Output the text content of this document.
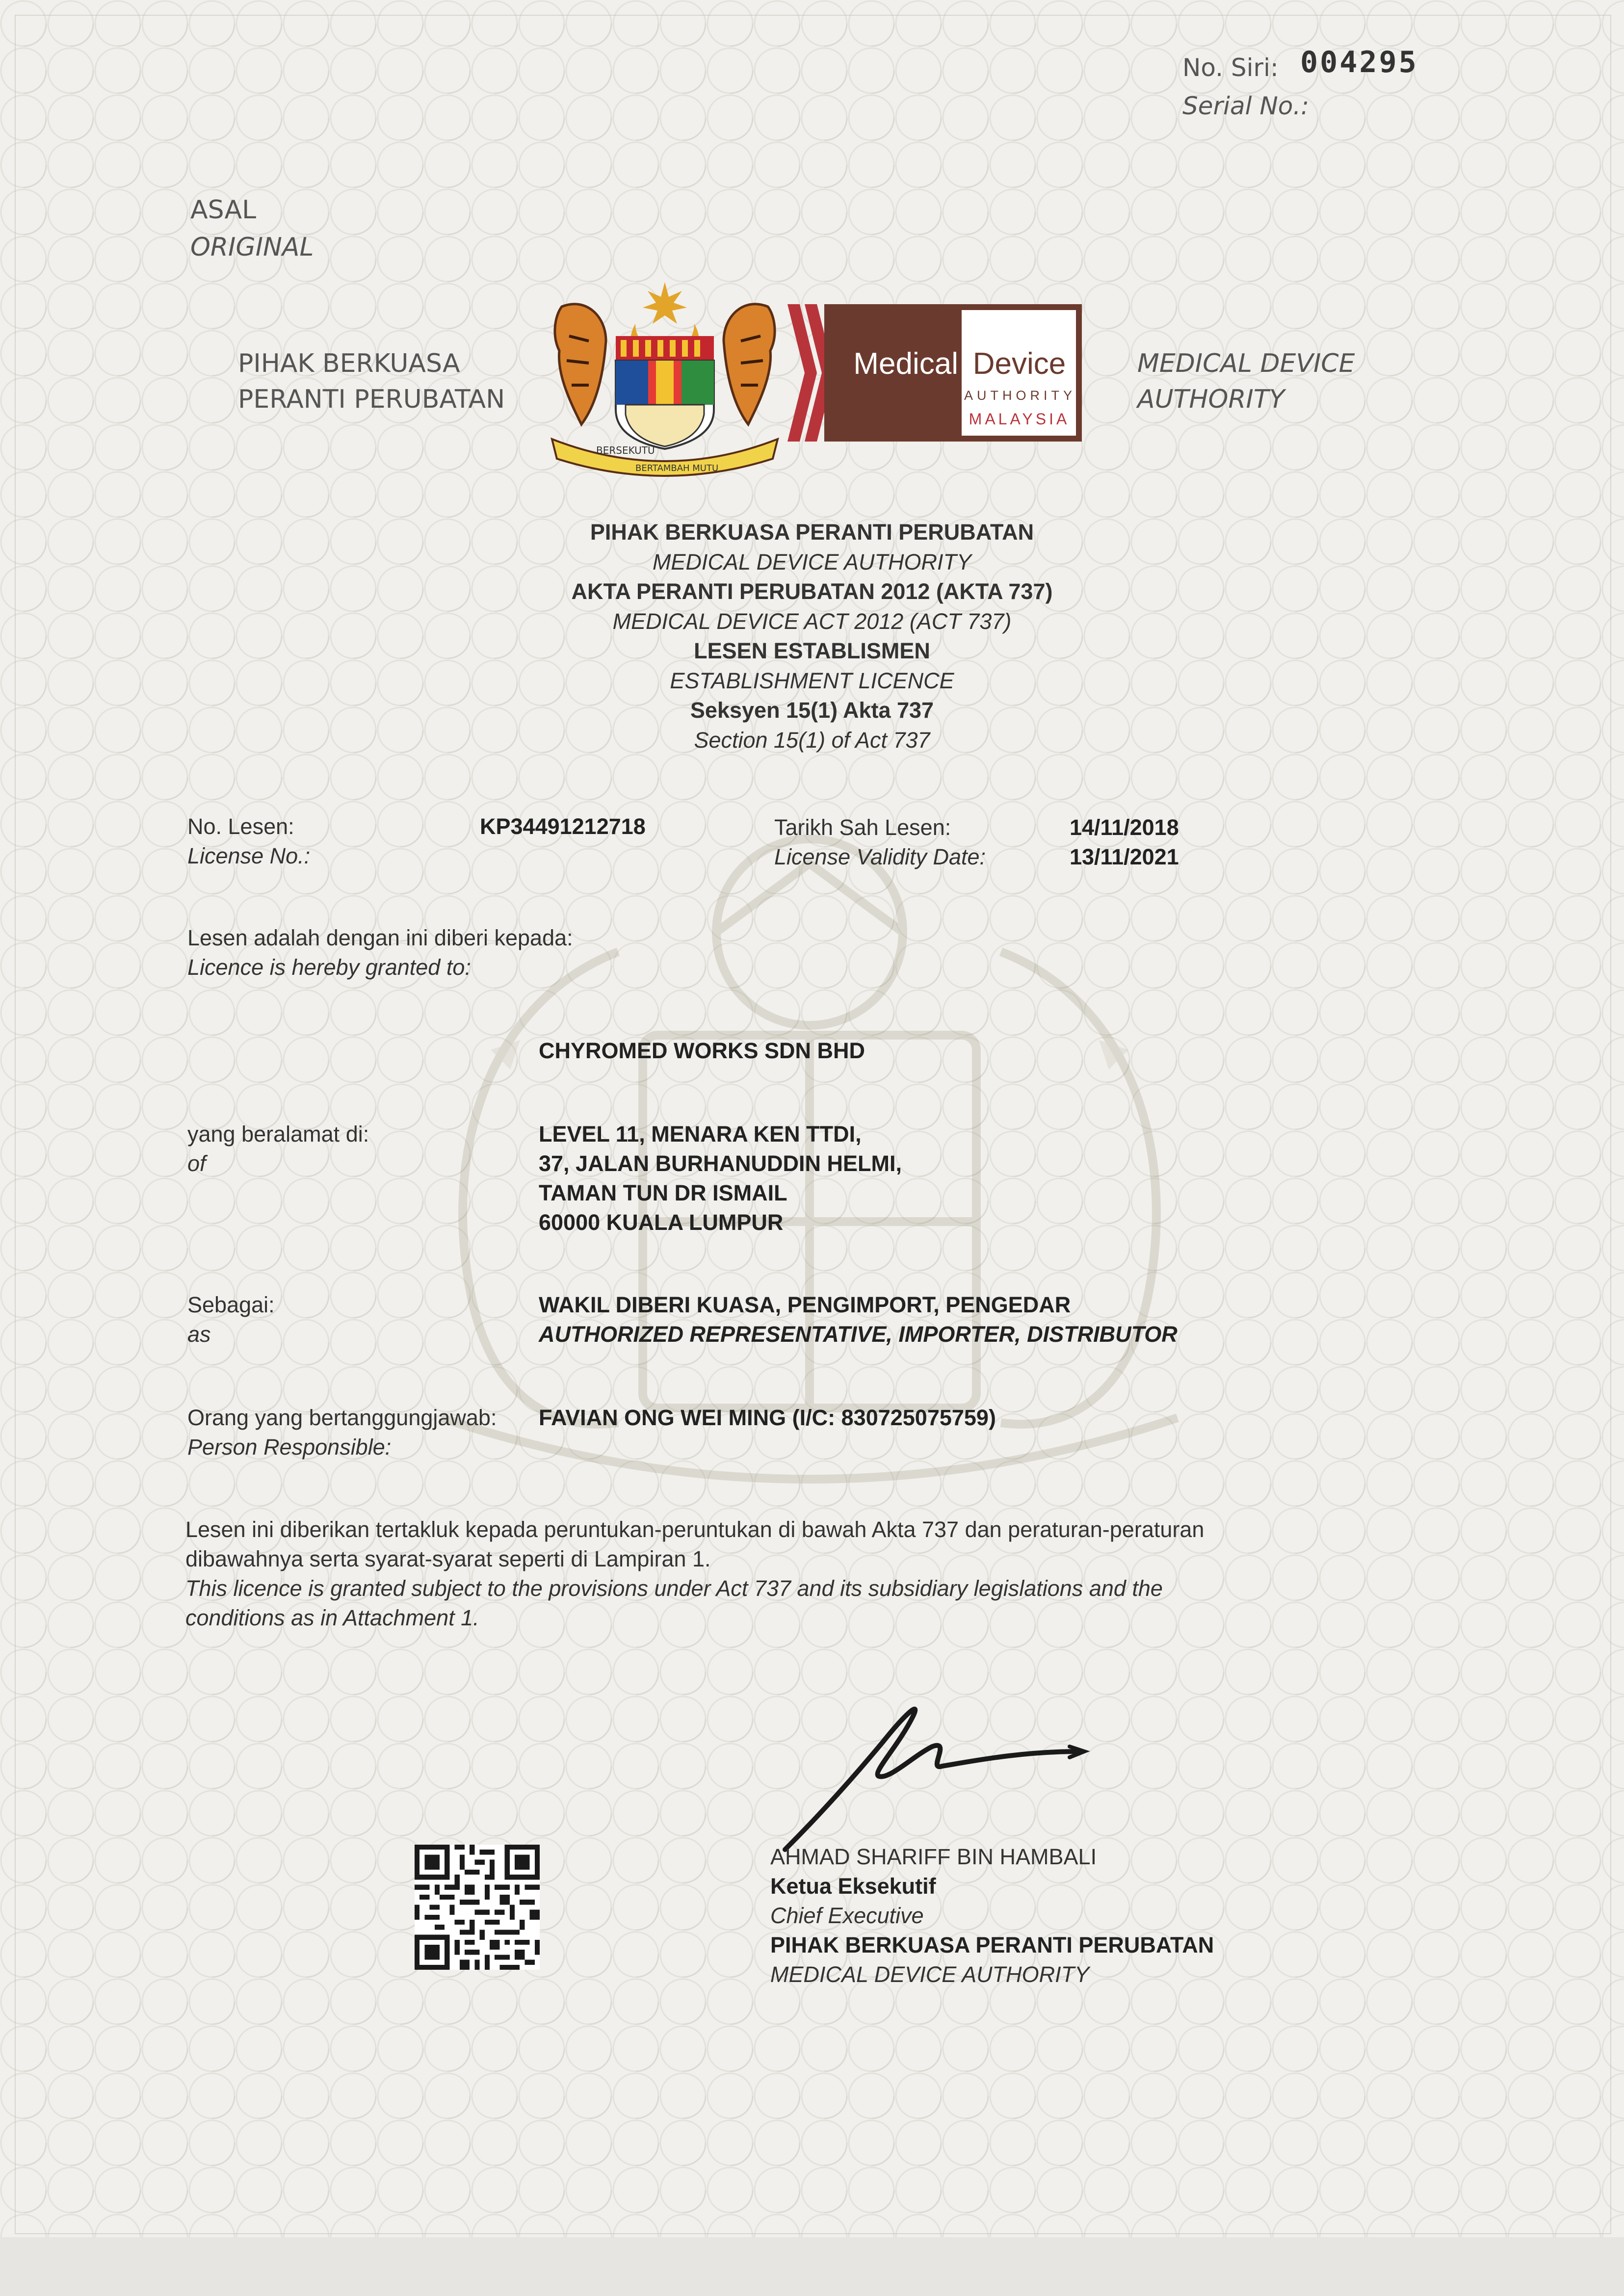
No. Siri: 004295
Serial No.:
ASAL
ORIGINAL
PIHAK BERKUASA
PERANTI PERUBATAN
MEDICAL DEVICE
AUTHORITY
BERSEKUTU
BERTAMBAH MUTU
Medical Device
AUTHORITY
MALAYSIA
PIHAK BERKUASA PERANTI PERUBATAN
MEDICAL DEVICE AUTHORITY
AKTA PERANTI PERUBATAN 2012 (AKTA 737)
MEDICAL DEVICE ACT 2012 (ACT 737)
LESEN ESTABLISMEN
ESTABLISHMENT LICENCE
Seksyen 15(1) Akta 737
Section 15(1) of Act 737
No. Lesen:
License No.:
KP34491212718	Tarikh Sah Lesen:
License Validity Date:
14/11/2018
13/11/2021
Lesen adalah dengan ini diberi kepada:
Licence is hereby granted to:
CHYROMED WORKS SDN BHD
yang beralamat di:
of
LEVEL 11, MENARA KEN TTDI,
37, JALAN BURHANUDDIN HELMI,
TAMAN TUN DR ISMAIL
60000 KUALA LUMPUR
Sebagai:
as
WAKIL DIBERI KUASA, PENGIMPORT, PENGEDAR
AUTHORIZED REPRESENTATIVE, IMPORTER, DISTRIBUTOR
Orang yang bertanggungjawab:
Person Responsible:
FAVIAN ONG WEI MING (I/C: 830725075759)
Lesen ini diberikan tertakluk kepada peruntukan-peruntukan di bawah Akta 737 dan peraturan-peraturan
dibawahnya serta syarat-syarat seperti di Lampiran 1.
This licence is granted subject to the provisions under Act 737 and its subsidiary legislations and the
conditions as in Attachment 1.
AHMAD SHARIFF BIN HAMBALI
Ketua Eksekutif
Chief Executive
PIHAK BERKUASA PERANTI PERUBATAN
MEDICAL DEVICE AUTHORITY
